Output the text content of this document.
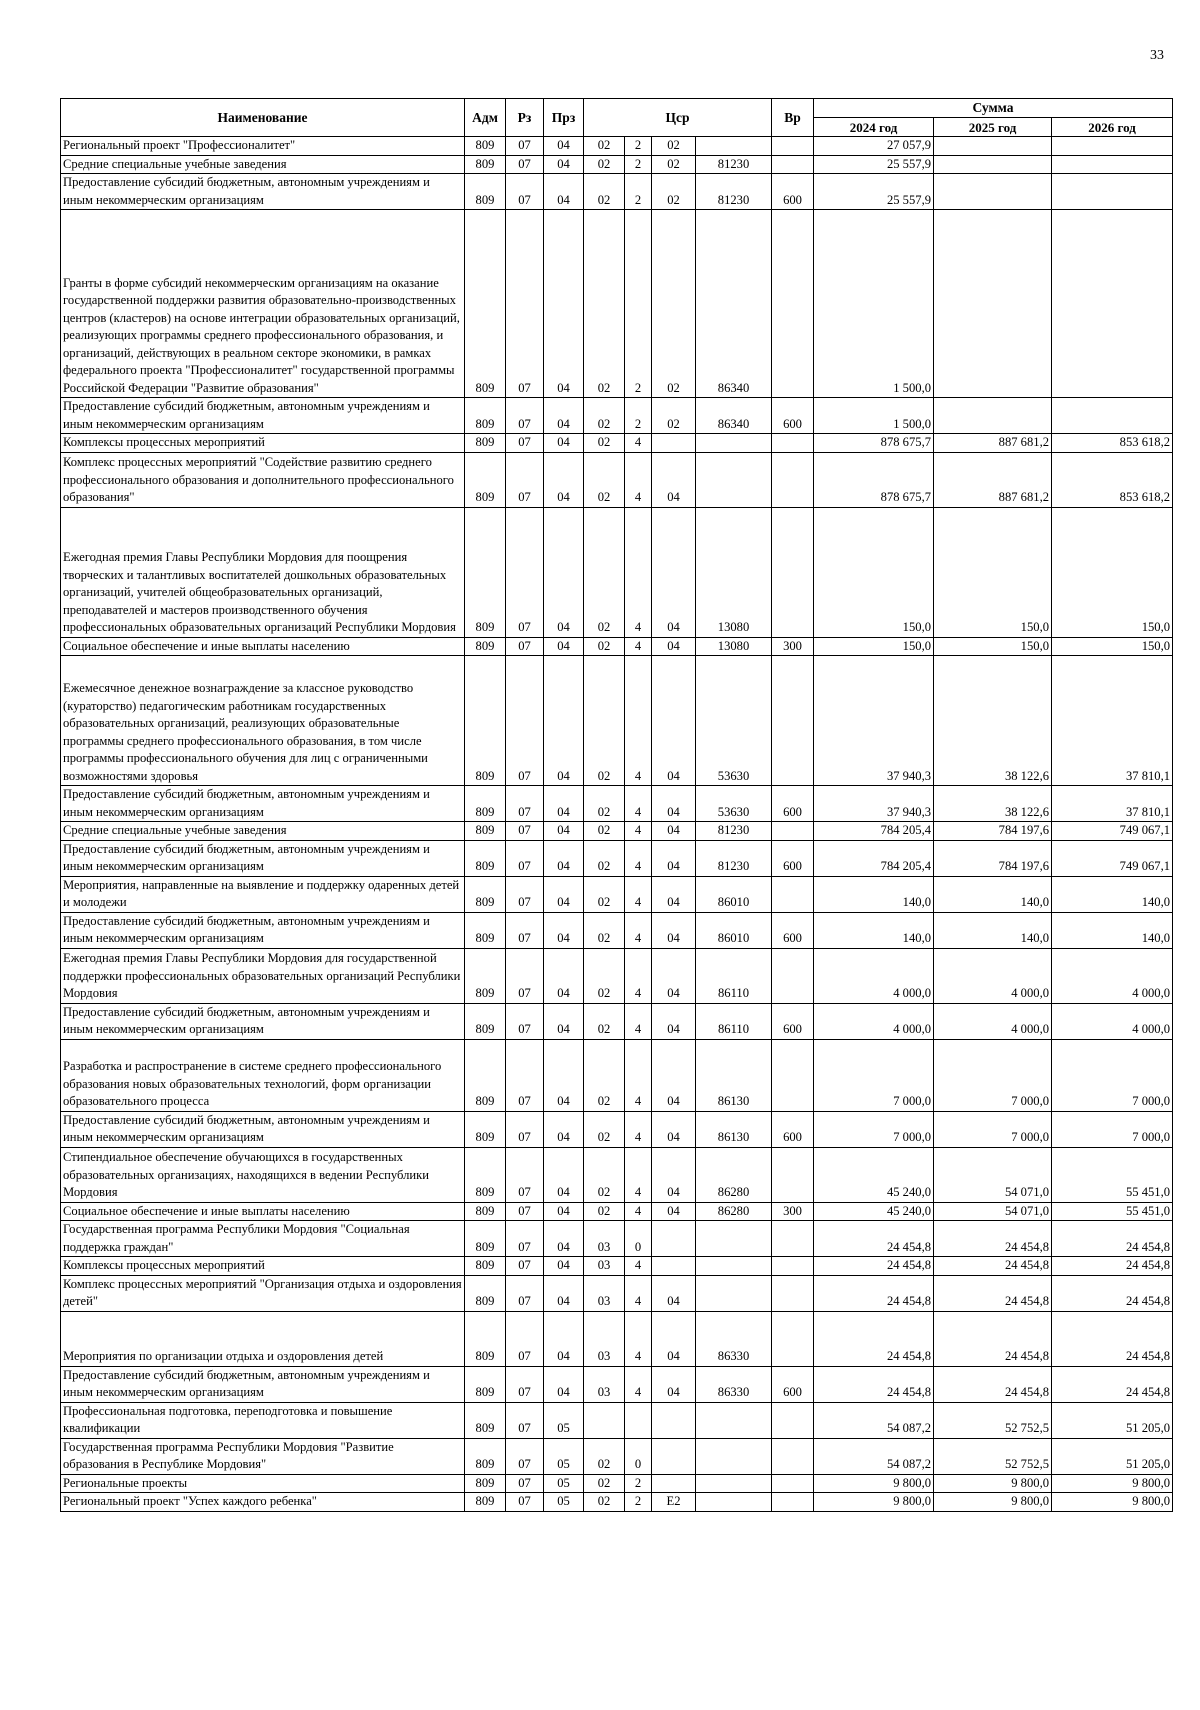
33
Наименование	Адм	Рз	Прз	Цср				Вр	Сумма		
									2024 год	2025 год	2026 год
Региональный проект "Профессионалитет"	809	07	04	02	2	02			27 057,9		
Средние специальные учебные заведения	809	07	04	02	2	02	81230		25 557,9		
Предоставление субсидий бюджетным, автономным учреждениям и иным некоммерческим организациям	809	07	04	02	2	02	81230	600	25 557,9		
Гранты в форме субсидий некоммерческим организациям на оказание государственной поддержки развития образовательно-производственных центров (кластеров) на основе интеграции образовательных организаций, реализующих программы среднего профессионального образования, и организаций, действующих в реальном секторе экономики, в рамках федерального проекта "Профессионалитет" государственной программы Российской Федерации "Развитие образования"	809	07	04	02	2	02	86340		1 500,0		
Предоставление субсидий бюджетным, автономным учреждениям и иным некоммерческим организациям	809	07	04	02	2	02	86340	600	1 500,0		
Комплексы процессных мероприятий	809	07	04	02	4				878 675,7	887 681,2	853 618,2
Комплекс процессных мероприятий "Содействие развитию среднего профессионального образования и дополнительного профессионального образования"	809	07	04	02	4	04			878 675,7	887 681,2	853 618,2
Ежегодная премия Главы Республики Мордовия для поощрения творческих и талантливых воспитателей дошкольных образовательных организаций, учителей общеобразовательных организаций, преподавателей и мастеров производственного обучения профессиональных образовательных организаций Республики Мордовия	809	07	04	02	4	04	13080		150,0	150,0	150,0
Социальное обеспечение и иные выплаты населению	809	07	04	02	4	04	13080	300	150,0	150,0	150,0
Ежемесячное денежное вознаграждение за классное руководство (кураторство) педагогическим работникам государственных образовательных организаций, реализующих образовательные программы среднего профессионального образования, в том числе программы профессионального обучения для лиц с ограниченными возможностями здоровья	809	07	04	02	4	04	53630		37 940,3	38 122,6	37 810,1
Предоставление субсидий бюджетным, автономным учреждениям и иным некоммерческим организациям	809	07	04	02	4	04	53630	600	37 940,3	38 122,6	37 810,1
Средние специальные учебные заведения	809	07	04	02	4	04	81230		784 205,4	784 197,6	749 067,1
Предоставление субсидий бюджетным, автономным учреждениям и иным некоммерческим организациям	809	07	04	02	4	04	81230	600	784 205,4	784 197,6	749 067,1
Мероприятия, направленные на выявление и поддержку одаренных детей и молодежи	809	07	04	02	4	04	86010		140,0	140,0	140,0
Предоставление субсидий бюджетным, автономным учреждениям и иным некоммерческим организациям	809	07	04	02	4	04	86010	600	140,0	140,0	140,0
Ежегодная премия Главы Республики Мордовия для государственной поддержки профессиональных образовательных организаций Республики Мордовия	809	07	04	02	4	04	86110		4 000,0	4 000,0	4 000,0
Предоставление субсидий бюджетным, автономным учреждениям и иным некоммерческим организациям	809	07	04	02	4	04	86110	600	4 000,0	4 000,0	4 000,0
Разработка и распространение в системе среднего профессионального образования новых образовательных технологий, форм организации образовательного процесса	809	07	04	02	4	04	86130		7 000,0	7 000,0	7 000,0
Предоставление субсидий бюджетным, автономным учреждениям и иным некоммерческим организациям	809	07	04	02	4	04	86130	600	7 000,0	7 000,0	7 000,0
Стипендиальное обеспечение обучающихся в государственных образовательных организациях, находящихся в ведении Республики Мордовия	809	07	04	02	4	04	86280		45 240,0	54 071,0	55 451,0
Социальное обеспечение и иные выплаты населению	809	07	04	02	4	04	86280	300	45 240,0	54 071,0	55 451,0
Государственная программа Республики Мордовия "Социальная поддержка граждан"	809	07	04	03	0				24 454,8	24 454,8	24 454,8
Комплексы процессных мероприятий	809	07	04	03	4				24 454,8	24 454,8	24 454,8
Комплекс процессных мероприятий "Организация отдыха и оздоровления детей"	809	07	04	03	4	04			24 454,8	24 454,8	24 454,8
Мероприятия по организации отдыха и оздоровления детей	809	07	04	03	4	04	86330		24 454,8	24 454,8	24 454,8
Предоставление субсидий бюджетным, автономным учреждениям и иным некоммерческим организациям	809	07	04	03	4	04	86330	600	24 454,8	24 454,8	24 454,8
Профессиональная подготовка, переподготовка и повышение квалификации	809	07	05						54 087,2	52 752,5	51 205,0
Государственная программа Республики Мордовия "Развитие образования в Республике Мордовия"	809	07	05	02	0				54 087,2	52 752,5	51 205,0
Региональные проекты	809	07	05	02	2				9 800,0	9 800,0	9 800,0
Региональный проект "Успех каждого ребенка"	809	07	05	02	2	Е2			9 800,0	9 800,0	9 800,0
